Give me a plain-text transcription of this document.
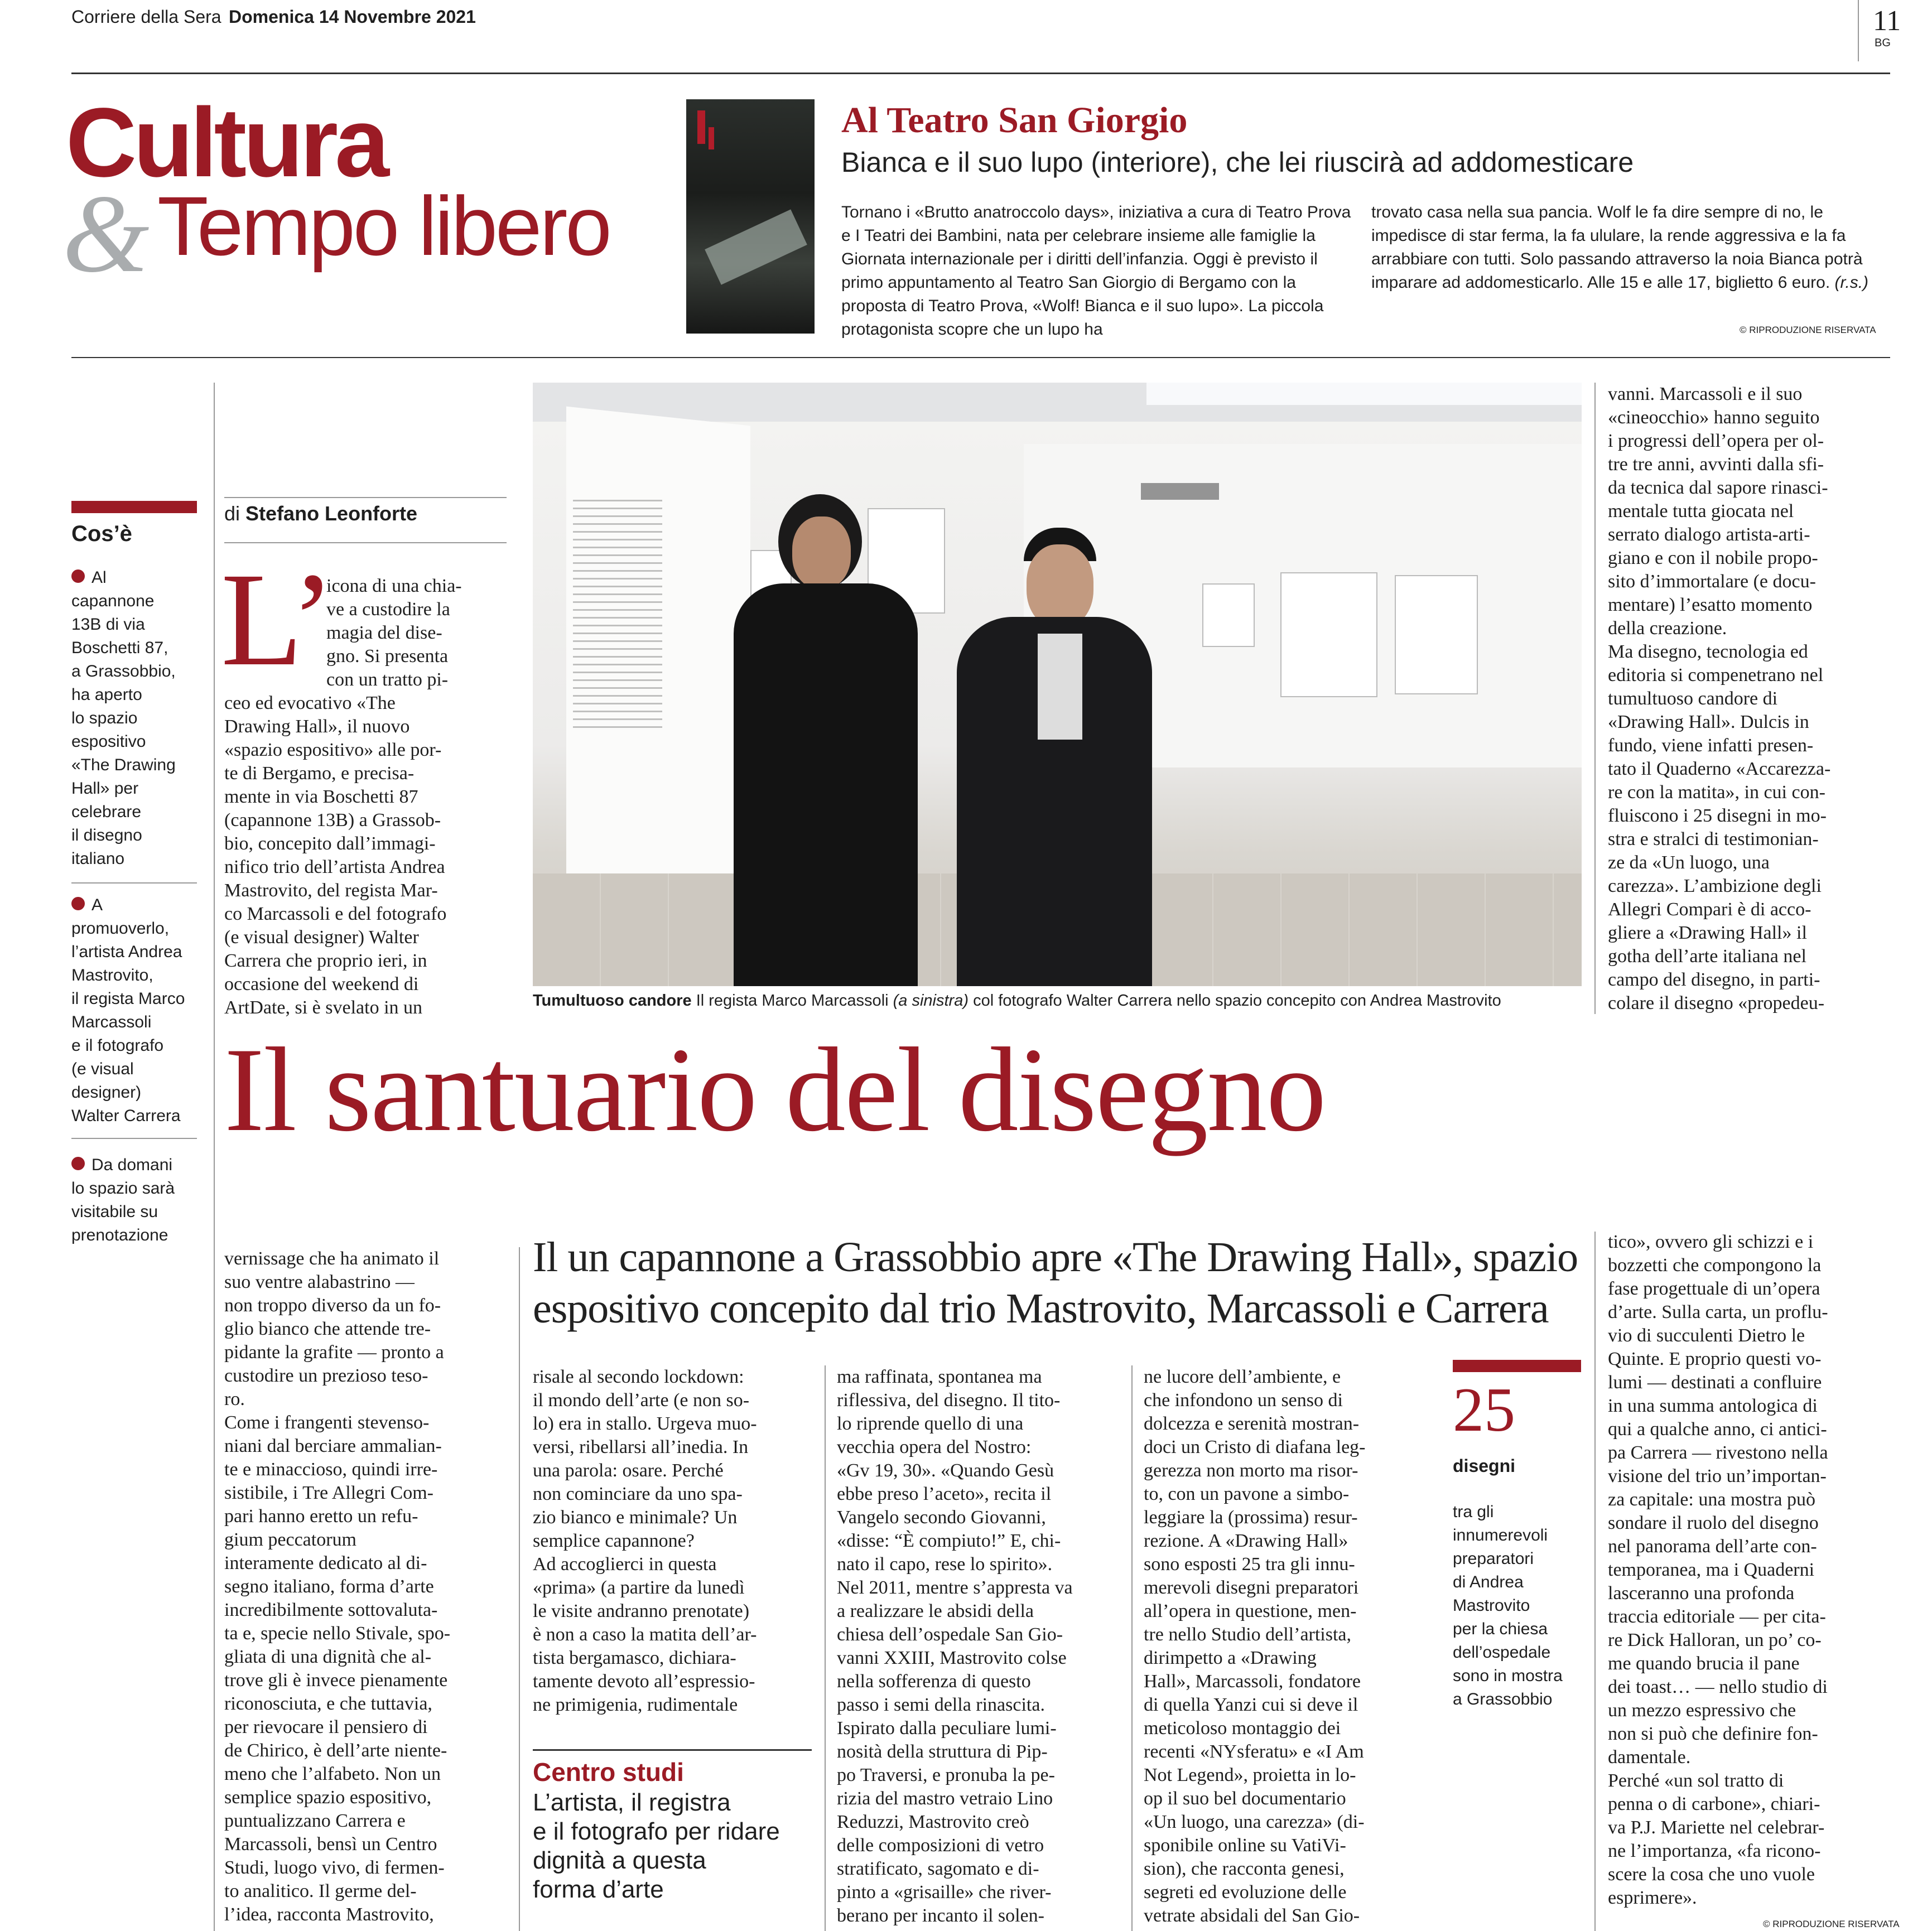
Corriere della Sera Domenica 14 Novembre 2021	11
BG
Cultura
& Tempo libero
Al Teatro San Giorgio
Bianca e il suo lupo (interiore), che lei riuscirà ad addomesticare
Tornano i «Brutto anatroccolo days», iniziativa a cura di Teatro Prova e I Teatri dei Bambini, nata per celebrare insieme alle famiglie la Giornata internazionale per i diritti dell’infanzia. Oggi è previsto il primo appuntamento al Teatro San Giorgio di Bergamo con la proposta di Teatro Prova, «Wolf! Bianca e il suo lupo». La piccola protagonista scopre che un lupo ha
trovato casa nella sua pancia. Wolf le fa dire sempre di no, le impedisce di star ferma, la fa ululare, la rende aggressiva e la fa arrabbiare con tutti. Solo passando attraverso la noia Bianca potrà imparare ad addomesticarlo. Alle 15 e alle 17, biglietto 6 euro. (r.s.)
© RIPRODUZIONE RISERVATA
Cos’è
Al
capannone
13B di via
Boschetti 87,
a Grassobbio,
ha aperto
lo spazio
espositivo
«The Drawing
Hall» per
celebrare
il disegno
italiano
A
promuoverlo,
l’artista Andrea
Mastrovito,
il regista Marco
Marcassoli
e il fotografo
(e visual
designer)
Walter Carrera
Da domani
lo spazio sarà
visitabile su
prenotazione
di Stefano Leonforte
L’
icona di una chia-
ve a custodire la
magia del dise-
gno. Si presenta
con un tratto pi-
ceo ed evocativo «The
Drawing Hall», il nuovo
«spazio espositivo» alle por-
te di Bergamo, e precisa-
mente in via Boschetti 87
(capannone 13B) a Grassob-
bio, concepito dall’immagi-
nifico trio dell’artista Andrea
Mastrovito, del regista Mar-
co Marcassoli e del fotografo
(e visual designer) Walter
Carrera che proprio ieri, in
occasione del weekend di
ArtDate, si è svelato in un	Tumultuoso candore Il regista Marco Marcassoli (a sinistra) col fotografo Walter Carrera nello spazio concepito con Andrea Mastrovito
vanni. Marcassoli e il suo
«cineocchio» hanno seguito
i progressi dell’opera per ol-
tre tre anni, avvinti dalla sfi-
da tecnica dal sapore rinasci-
mentale tutta giocata nel
serrato dialogo artista-arti-
giano e con il nobile propo-
sito d’immortalare (e docu-
mentare) l’esatto momento
della creazione.
Ma disegno, tecnologia ed
editoria si compenetrano nel
tumultuoso candore di
«Drawing Hall». Dulcis in
fundo, viene infatti presen-
tato il Quaderno «Accarezza-
re con la matita», in cui con-
fluiscono i 25 disegni in mo-
stra e stralci di testimonian-
ze da «Un luogo, una
carezza». L’ambizione degli
Allegri Compari è di acco-
gliere a «Drawing Hall» il
gotha dell’arte italiana nel
campo del disegno, in parti-
colare il disegno «propedeu-
Il santuario del disegno
Il un capannone a Grassobbio apre «The Drawing Hall», spazio espositivo concepito dal trio Mastrovito, Marcassoli e Carrera
vernissage che ha animato il
suo ventre alabastrino —
non troppo diverso da un fo-
glio bianco che attende tre-
pidante la grafite — pronto a
custodire un prezioso teso-
ro.
Come i frangenti stevenso-
niani dal berciare ammalian-
te e minaccioso, quindi irre-
sistibile, i Tre Allegri Com-
pari hanno eretto un refu-
gium peccatorum
interamente dedicato al di-
segno italiano, forma d’arte
incredibilmente sottovaluta-
ta e, specie nello Stivale, spo-
gliata di una dignità che al-
trove gli è invece pienamente
riconosciuta, e che tuttavia,
per rievocare il pensiero di
de Chirico, è dell’arte niente-
meno che l’alfabeto. Non un
semplice spazio espositivo,
puntualizzano Carrera e
Marcassoli, bensì un Centro
Studi, luogo vivo, di fermen-
to analitico. Il germe del-
l’idea, racconta Mastrovito,
risale al secondo lockdown:
il mondo dell’arte (e non so-
lo) era in stallo. Urgeva muo-
versi, ribellarsi all’inedia. In
una parola: osare. Perché
non cominciare da uno spa-
zio bianco e minimale? Un
semplice capannone?
Ad accoglierci in questa
«prima» (a partire da lunedì
le visite andranno prenotate)
è non a caso la matita dell’ar-
tista bergamasco, dichiara-
tamente devoto all’espressio-
ne primigenia, rudimentale
Centro studi
L’artista, il registra
e il fotografo per ridare
dignità a questa
forma d’arte
ma raffinata, spontanea ma
riflessiva, del disegno. Il tito-
lo riprende quello di una
vecchia opera del Nostro:
«Gv 19, 30». «Quando Gesù
ebbe preso l’aceto», recita il
Vangelo secondo Giovanni,
«disse: “È compiuto!” E, chi-
nato il capo, rese lo spirito».
Nel 2011, mentre s’appresta va
a realizzare le absidi della
chiesa dell’ospedale San Gio-
vanni XXIII, Mastrovito colse
nella sofferenza di questo
passo i semi della rinascita.
Ispirato dalla peculiare lumi-
nosità della struttura di Pip-
po Traversi, e pronuba la pe-
rizia del mastro vetraio Lino
Reduzzi, Mastrovito creò
delle composizioni di vetro
stratificato, sagomato e di-
pinto a «grisaille» che river-
berano per incanto il solen-
ne lucore dell’ambiente, e
che infondono un senso di
dolcezza e serenità mostran-
doci un Cristo di diafana leg-
gerezza non morto ma risor-
to, con un pavone a simbo-
leggiare la (prossima) resur-
rezione. A «Drawing Hall»
sono esposti 25 tra gli innu-
merevoli disegni preparatori
all’opera in questione, men-
tre nello Studio dell’artista,
dirimpetto a «Drawing
Hall», Marcassoli, fondatore
di quella Yanzi cui si deve il
meticoloso montaggio dei
recenti «NYsferatu» e «I Am
Not Legend», proietta in lo-
op il suo bel documentario
«Un luogo, una carezza» (di-
sponibile online su VatiVi-
sion), che racconta genesi,
segreti ed evoluzione delle
vetrate absidali del San Gio-
25
disegni
tra gli
innumerevoli
preparatori
di Andrea
Mastrovito
per la chiesa
dell’ospedale
sono in mostra
a Grassobbio
tico», ovvero gli schizzi e i
bozzetti che compongono la
fase progettuale di un’opera
d’arte. Sulla carta, un proflu-
vio di succulenti Dietro le
Quinte. E proprio questi vo-
lumi — destinati a confluire
in una summa antologica di
qui a qualche anno, ci antici-
pa Carrera — rivestono nella
visione del trio un’importan-
za capitale: una mostra può
sondare il ruolo del disegno
nel panorama dell’arte con-
temporanea, ma i Quaderni
lasceranno una profonda
traccia editoriale — per cita-
re Dick Halloran, un po’ co-
me quando brucia il pane
dei toast… — nello studio di
un mezzo espressivo che
non si può che definire fon-
damentale.
Perché «un sol tratto di
penna o di carbone», chiari-
va P.J. Mariette nel celebrar-
ne l’importanza, «fa ricono-
scere la cosa che uno vuole
esprimere».
© RIPRODUZIONE RISERVATA
